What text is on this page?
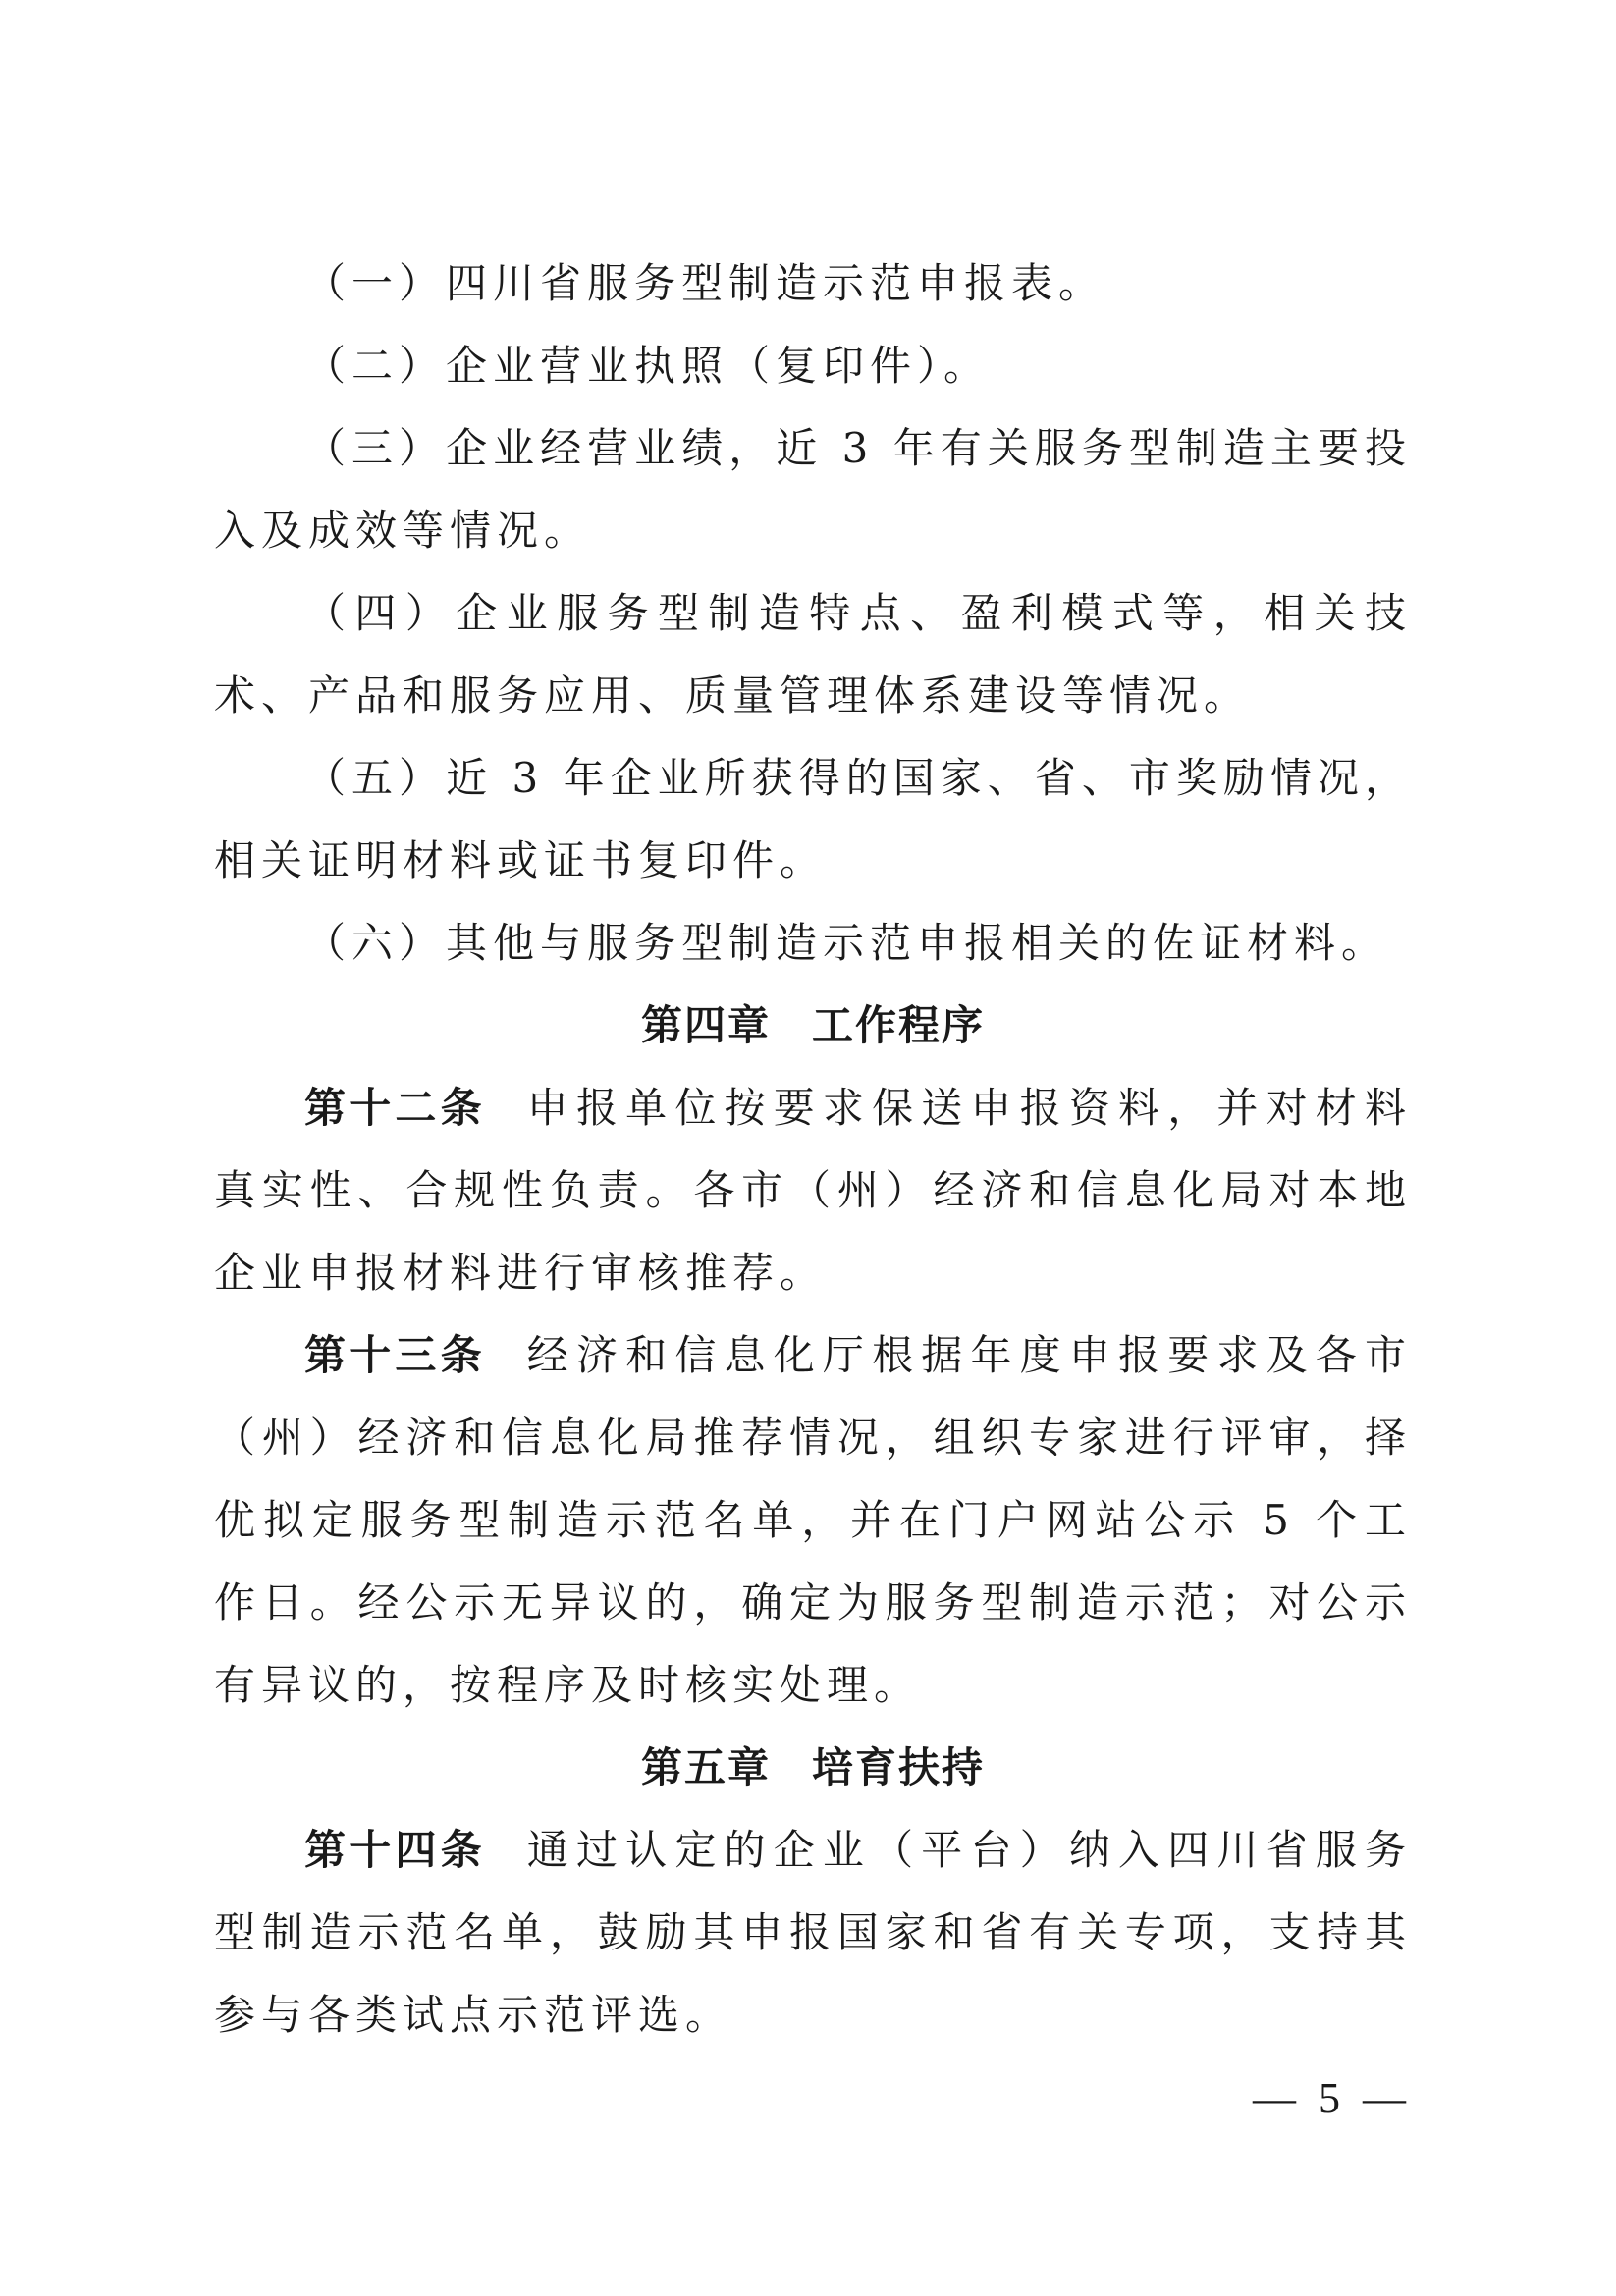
（一）四川省服务型制造示范申报表。

（二）企业营业执照（复印件）。

（三）企业经营业绩，近 3 年有关服务型制造主要投入及成效等情况。

（四）企业服务型制造特点、盈利模式等，相关技术、产品和服务应用、质量管理体系建设等情况。

（五）近 3 年企业所获得的国家、省、市奖励情况，相关证明材料或证书复印件。

（六）其他与服务型制造示范申报相关的佐证材料。

第四章 工作程序

第十二条 申报单位按要求保送申报资料，并对材料真实性、合规性负责。各市（州）经济和信息化局对本地企业申报材料进行审核推荐。

第十三条 经济和信息化厅根据年度申报要求及各市（州）经济和信息化局推荐情况，组织专家进行评审，择优拟定服务型制造示范名单，并在门户网站公示 5 个工作日。经公示无异议的，确定为服务型制造示范；对公示有异议的，按程序及时核实处理。

第五章 培育扶持

第十四条 通过认定的企业（平台）纳入四川省服务型制造示范名单，鼓励其申报国家和省有关专项，支持其参与各类试点示范评选。

— 5 —
